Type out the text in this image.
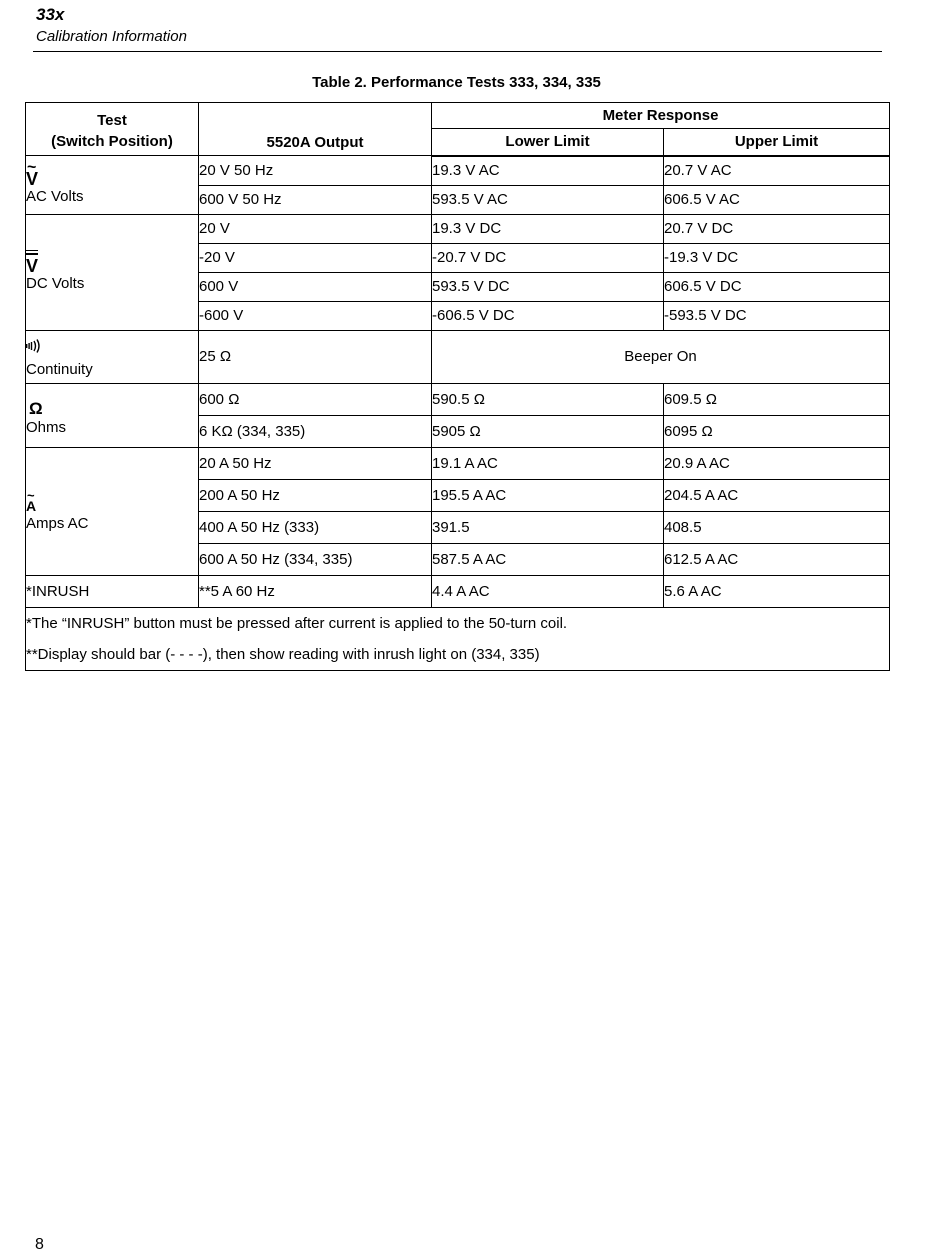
33x
Calibration Information
Table 2. Performance Tests 333, 334, 335
Test
(Switch Position)	5520A Output	Meter Response	
		Lower Limit	Upper Limit

~ V
AC Volts	20 V 50 Hz	19.3 V AC	20.7 V AC
	600 V 50 Hz	593.5 V AC	606.5 V AC

V
DC Volts	20 V	19.3 V DC	20.7 V DC
	-20 V	-20.7 V DC	-19.3 V DC
	600 V	593.5 V DC	606.5 V DC
	-600 V	-606.5 V DC	-593.5 V DC

Continuity	25 Ω	Beeper On	

Ω
Ohms	600 Ω	590.5 Ω	609.5 Ω
	6 KΩ (334, 335)	5905 Ω	6095 Ω

~ A
Amps AC	20 A 50 Hz	19.1 A AC	20.9 A AC
	200 A 50 Hz	195.5 A AC	204.5 A AC
	400 A 50 Hz (333)	391.5	408.5
	600 A 50 Hz (334, 335)	587.5 A AC	612.5 A AC
*INRUSH	**5 A 60 Hz	4.4 A AC	5.6 A AC

*The “INRUSH” button must be pressed after current is applied to the 50-turn coil.
**Display should bar (- - - -), then show reading with inrush light on (334, 335)			
8
